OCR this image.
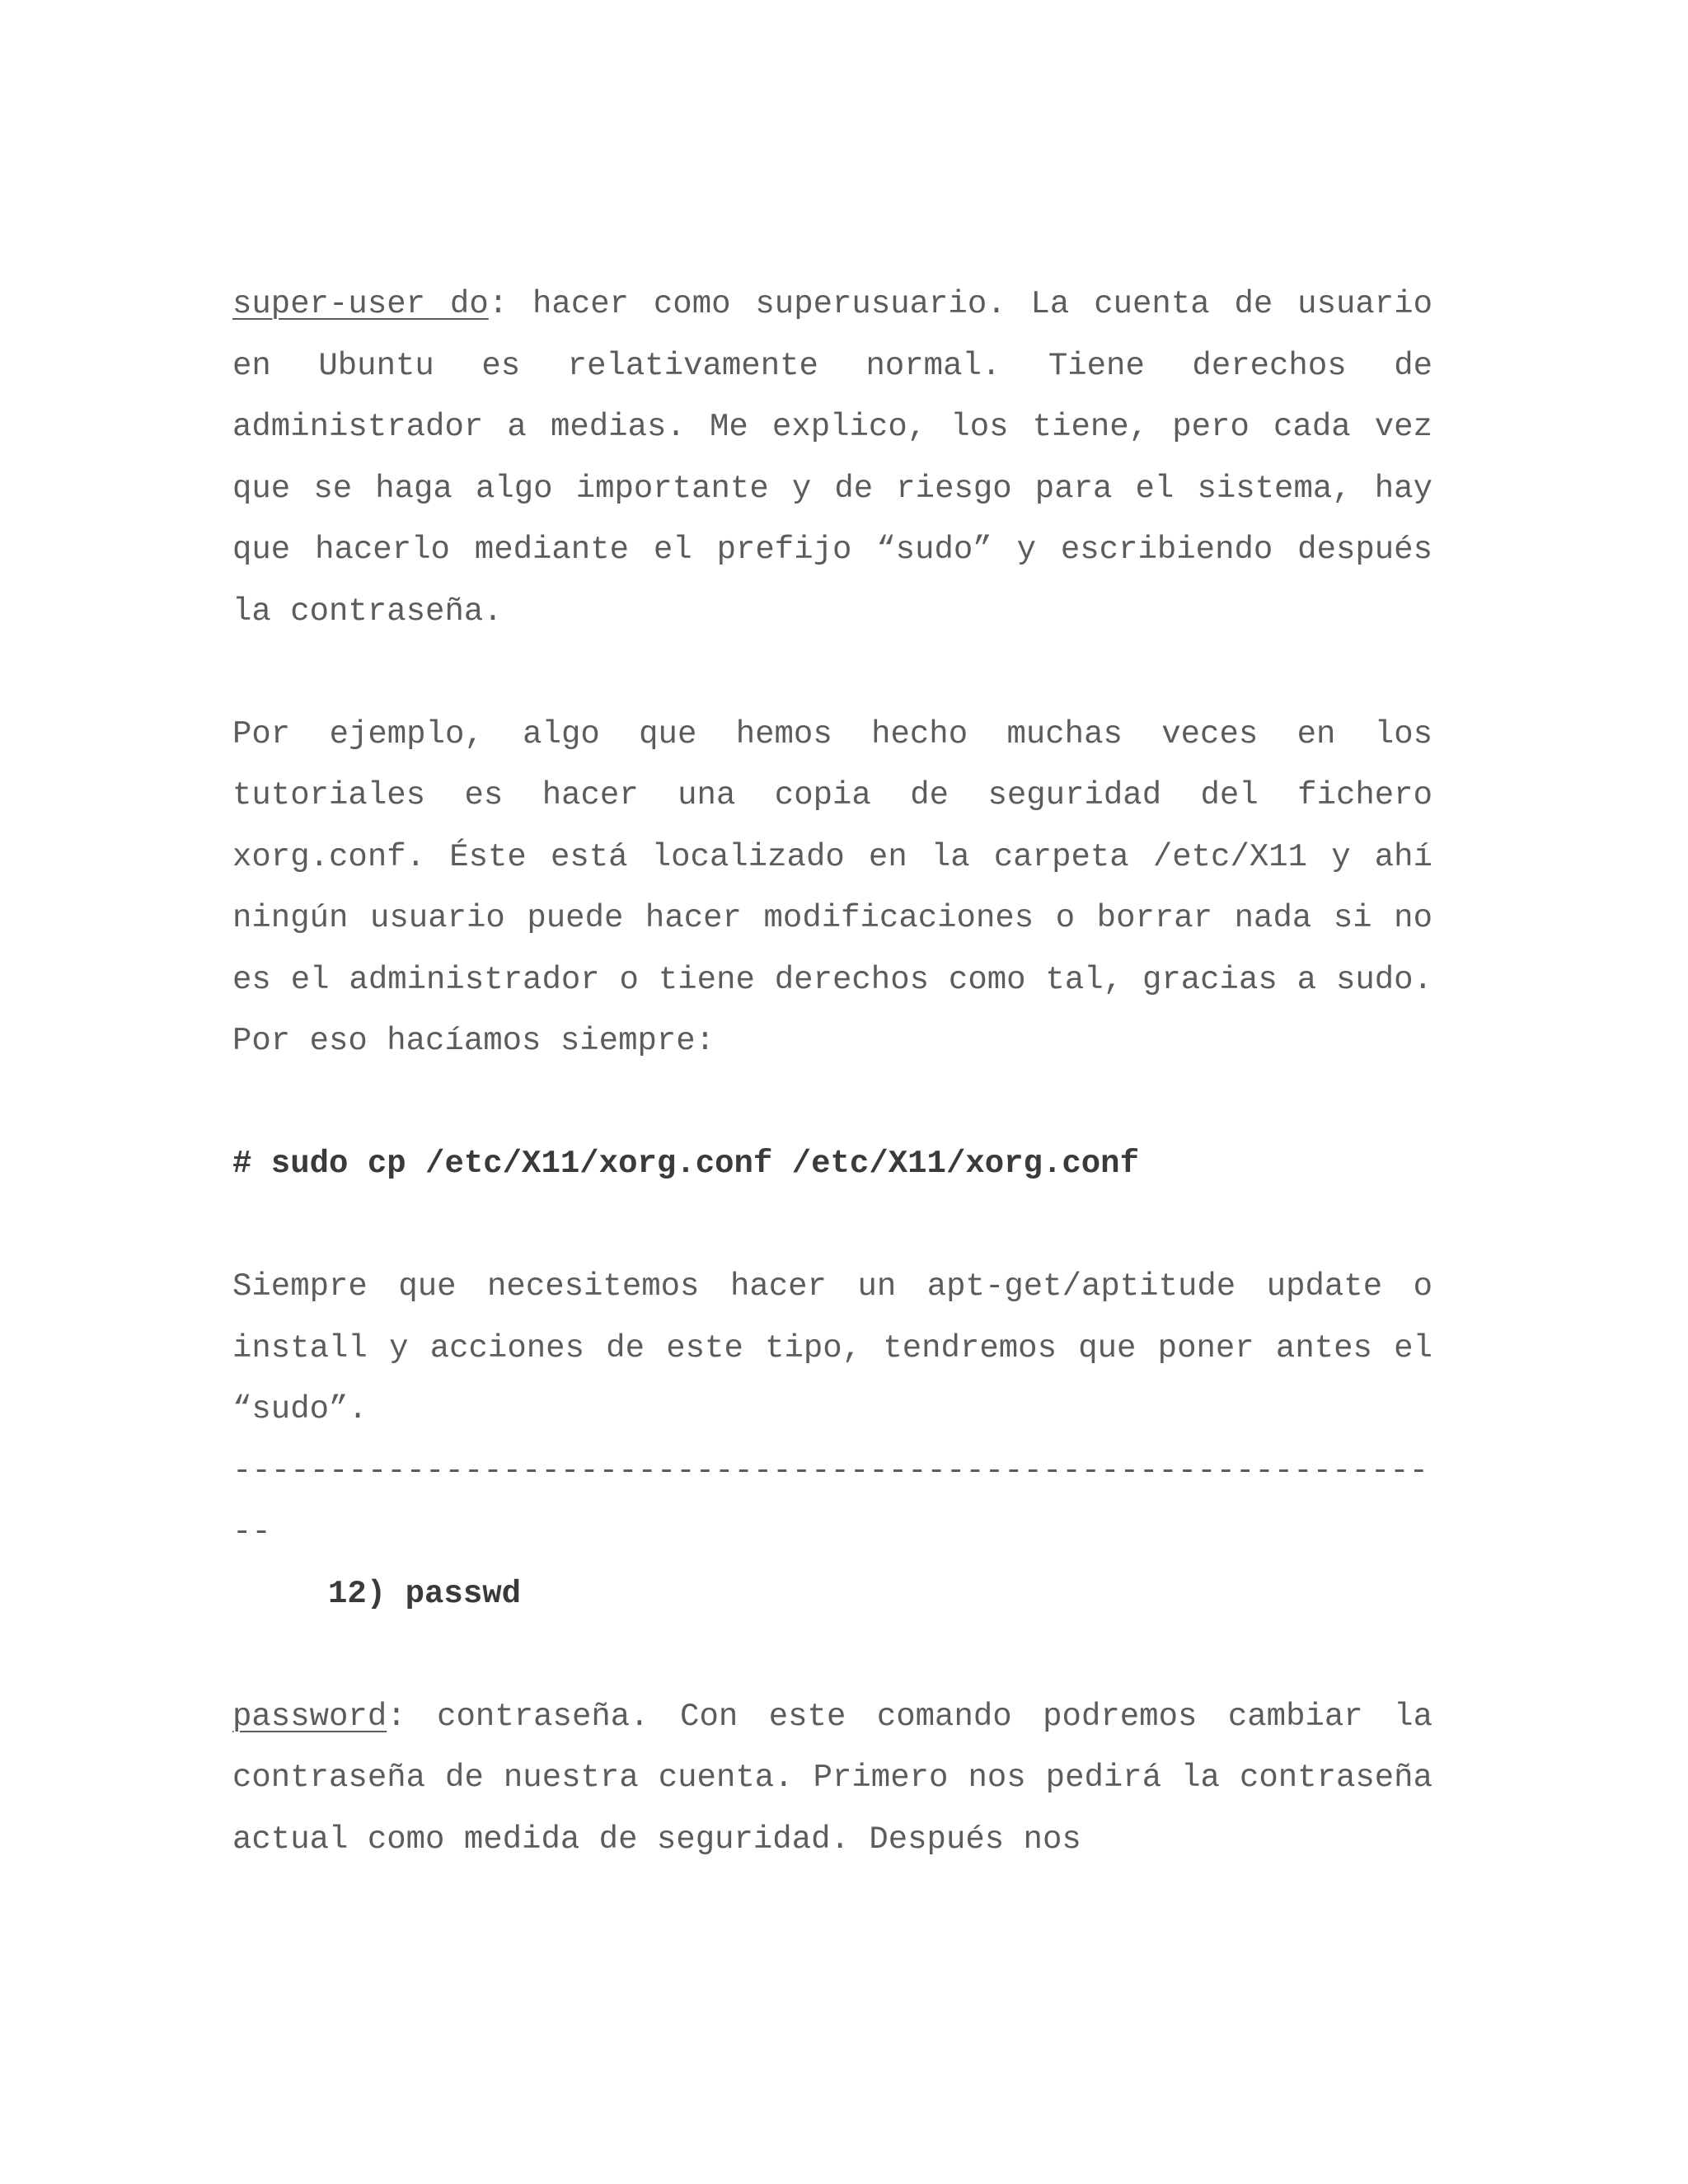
super-user do: hacer como superusuario. La cuenta de usuario en Ubuntu es relativamente normal. Tiene derechos de administrador a medias. Me explico, los tiene, pero cada vez que se haga algo importante y de riesgo para el sistema, hay que hacerlo mediante el prefijo “sudo” y escribiendo después la contraseña.

Por ejemplo, algo que hemos hecho muchas veces en los tutoriales es hacer una copia de seguridad del fichero xorg.conf. Éste está localizado en la carpeta /etc/X11 y ahí ningún usuario puede hacer modificaciones o borrar nada si no es el administrador o tiene derechos como tal, gracias a sudo. Por eso hacíamos siempre:

# sudo cp /etc/X11/xorg.conf /etc/X11/xorg.conf

Siempre que necesitemos hacer un apt-get/aptitude update o install y acciones de este tipo, tendremos que poner antes el “sudo”.

----------------------------------------------------------------
12) passwd

password: contraseña. Con este comando podremos cambiar la contraseña de nuestra cuenta. Primero nos pedirá la contraseña actual como medida de seguridad. Después nos
